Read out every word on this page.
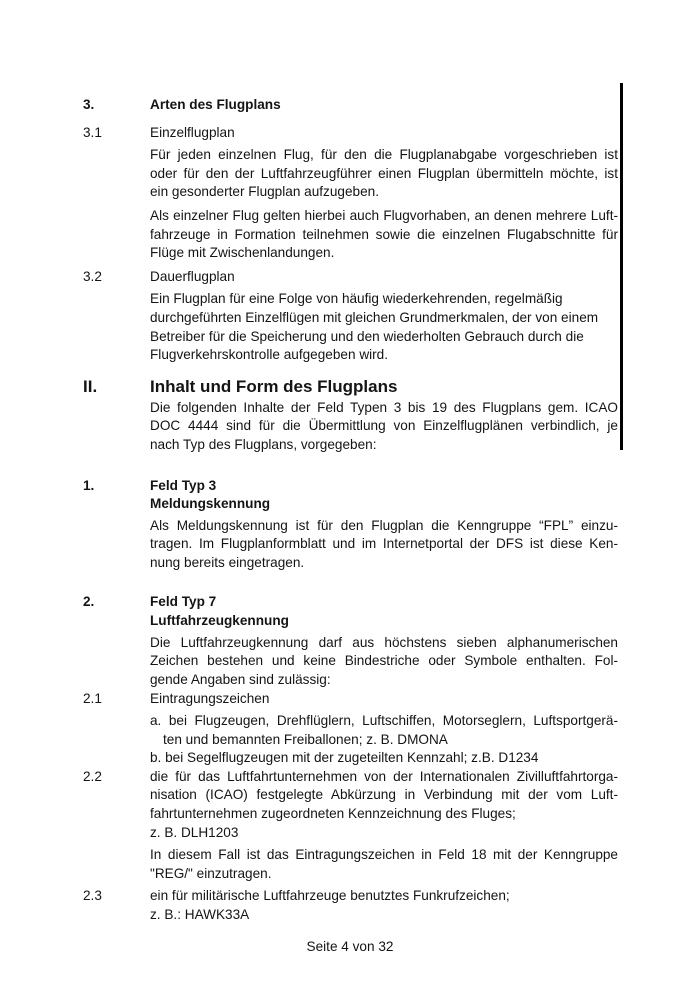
3.	Arten des Flugplans
3.1	Einzelflugplan
Für jeden einzelnen Flug, für den die Flugplanabgabe vorgeschrieben ist
oder für den der Luftfahrzeugführer einen Flugplan übermitteln möchte, ist
ein gesonderter Flugplan aufzugeben.
Als einzelner Flug gelten hierbei auch Flugvorhaben, an denen mehrere Luft-
fahrzeuge in Formation teilnehmen sowie die einzelnen Flugabschnitte für
Flüge mit Zwischenlandungen.
3.2	Dauerflugplan
Ein Flugplan für eine Folge von häufig wiederkehrenden, regelmäßig
durchgeführten Einzelflügen mit gleichen Grundmerkmalen, der von einem
Betreiber für die Speicherung und den wiederholten Gebrauch durch die
Flugverkehrskontrolle aufgegeben wird.
II.	Inhalt und Form des Flugplans
Die folgenden Inhalte der Feld Typen 3 bis 19 des Flugplans gem. ICAO
DOC 4444 sind für die Übermittlung von Einzelflugplänen verbindlich, je
nach Typ des Flugplans, vorgegeben:
1.	Feld Typ 3
Meldungskennung
Als Meldungskennung ist für den Flugplan die Kenngruppe “FPL” einzu-
tragen. Im Flugplanformblatt und im Internetportal der DFS ist diese Ken-
nung bereits eingetragen.
2.	Feld Typ 7
Luftfahrzeugkennung
Die Luftfahrzeugkennung darf aus höchstens sieben alphanumerischen
Zeichen bestehen und keine Bindestriche oder Symbole enthalten. Fol-
gende Angaben sind zulässig:
2.1	Eintragungszeichen
a. bei Flugzeugen, Drehflüglern, Luftschiffen, Motorseglern, Luftsportgerä-
ten und bemannten Freiballonen; z. B. DMONA
b. bei Segelflugzeugen mit der zugeteilten Kennzahl; z.B. D1234
2.2	die für das Luftfahrtunternehmen von der Internationalen Zivilluftfahrtorga-
nisation (ICAO) festgelegte Abkürzung in Verbindung mit der vom Luft-
fahrtunternehmen zugeordneten Kennzeichnung des Fluges;
z. B. DLH1203
In diesem Fall ist das Eintragungszeichen in Feld 18 mit der Kenngruppe
"REG/" einzutragen.
2.3	ein für militärische Luftfahrzeuge benutztes Funkrufzeichen;
z. B.: HAWK33A
Seite 4 von 32
